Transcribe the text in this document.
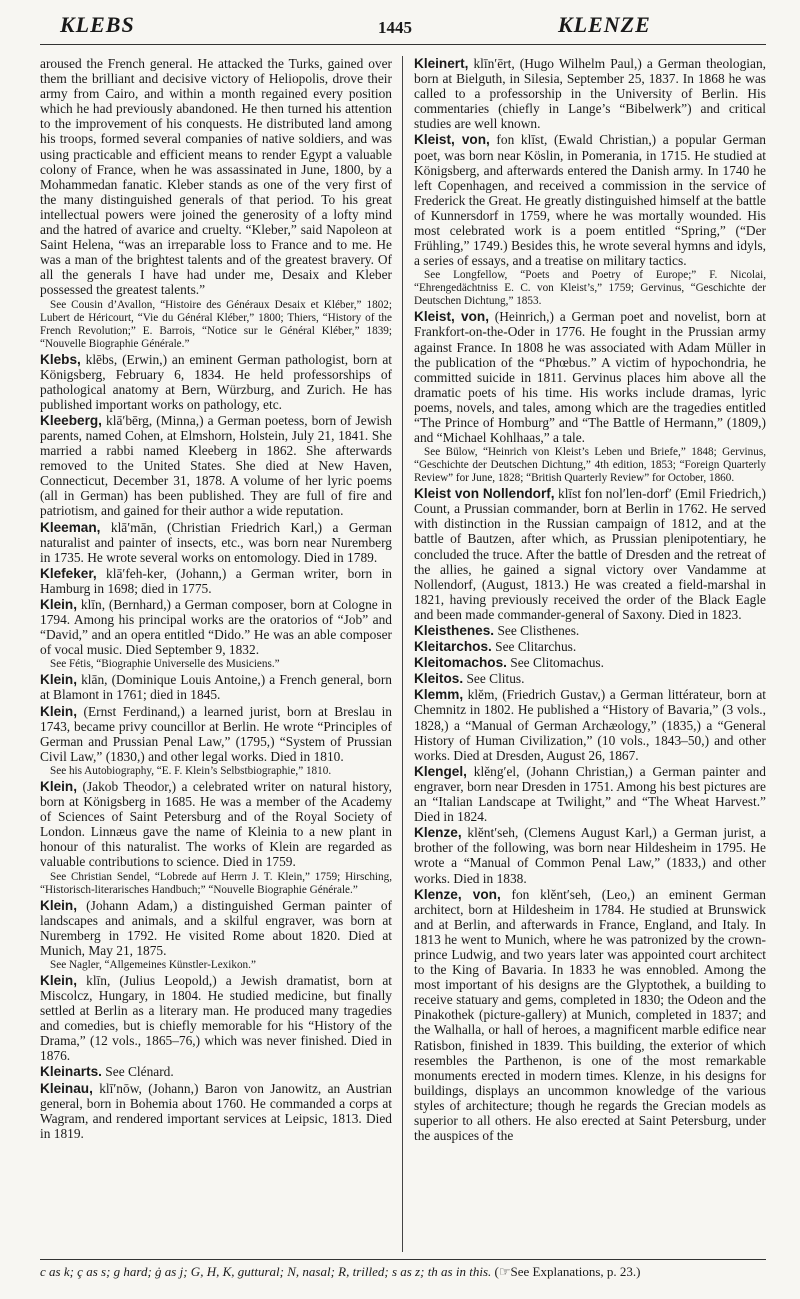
KLEBS	1445	KLENZE

aroused the French general. He attacked the Turks, gained over them the brilliant and decisive victory of Heliopolis, drove their army from Cairo, and within a month regained every position which he had previously abandoned. He then turned his attention to the improvement of his conquests. He distributed land among his troops, formed several companies of native soldiers, and was using practicable and efficient means to render Egypt a valuable colony of France, when he was assassinated in June, 1800, by a Mohammedan fanatic. Kleber stands as one of the very first of the many distinguished generals of that period. To his great intellectual powers were joined the generosity of a lofty mind and the hatred of avarice and cruelty. “Kleber,” said Napoleon at Saint Helena, “was an irreparable loss to France and to me. He was a man of the brightest talents and of the greatest bravery. Of all the generals I have had under me, Desaix and Kleber possessed the greatest talents.”

See Cousin d’Avallon, “Histoire des Généraux Desaix et Kléber,” 1802; Lubert de Héricourt, “Vie du Général Kléber,” 1800; Thiers, “History of the French Revolution;” E. Barrois, “Notice sur le Général Kléber,” 1839; “Nouvelle Biographie Générale.”

Klebs, klēbs, (Erwin,) an eminent German pathologist, born at Königsberg, February 6, 1834. He held professorships of pathological anatomy at Bern, Würzburg, and Zurich. He has published important works on pathology, etc.

Kleeberg, klā′bērg, (Minna,) a German poetess, born of Jewish parents, named Cohen, at Elmshorn, Holstein, July 21, 1841. She married a rabbi named Kleeberg in 1862. She afterwards removed to the United States. She died at New Haven, Connecticut, December 31, 1878. A volume of her lyric poems (all in German) has been published. They are full of fire and patriotism, and gained for their author a wide reputation.

Kleeman, klā′mān, (Christian Friedrich Karl,) a German naturalist and painter of insects, etc., was born near Nuremberg in 1735. He wrote several works on entomology. Died in 1789.

Klefeker, klā′feh-ker, (Johann,) a German writer, born in Hamburg in 1698; died in 1775.

Klein, klīn, (Bernhard,) a German composer, born at Cologne in 1794. Among his principal works are the oratorios of “Job” and “David,” and an opera entitled “Dido.” He was an able composer of vocal music. Died September 9, 1832.

See Fétis, “Biographie Universelle des Musiciens.”

Klein, klān, (Dominique Louis Antoine,) a French general, born at Blamont in 1761; died in 1845.

Klein, (Ernst Ferdinand,) a learned jurist, born at Breslau in 1743, became privy councillor at Berlin. He wrote “Principles of German and Prussian Penal Law,” (1795,) “System of Prussian Civil Law,” (1830,) and other legal works. Died in 1810.

See his Autobiography, “E. F. Klein’s Selbstbiographie,” 1810.

Klein, (Jakob Theodor,) a celebrated writer on natural history, born at Königsberg in 1685. He was a member of the Academy of Sciences of Saint Petersburg and of the Royal Society of London. Linnæus gave the name of Kleinia to a new plant in honour of this naturalist. The works of Klein are regarded as valuable contributions to science. Died in 1759.

See Christian Sendel, “Lobrede auf Herrn J. T. Klein,” 1759; Hirsching, “Historisch-literarisches Handbuch;” “Nouvelle Biographie Générale.”

Klein, (Johann Adam,) a distinguished German painter of landscapes and animals, and a skilful engraver, was born at Nuremberg in 1792. He visited Rome about 1820. Died at Munich, May 21, 1875.

See Nagler, “Allgemeines Künstler-Lexikon.”

Klein, klīn, (Julius Leopold,) a Jewish dramatist, born at Miscolcz, Hungary, in 1804. He studied medicine, but finally settled at Berlin as a literary man. He produced many tragedies and comedies, but is chiefly memorable for his “History of the Drama,” (12 vols., 1865–76,) which was never finished. Died in 1876.

Kleinarts. See Clénard.

Kleinau, klī′nōw, (Johann,) Baron von Janowitz, an Austrian general, born in Bohemia about 1760. He commanded a corps at Wagram, and rendered important services at Leipsic, 1813. Died in 1819.

Kleinert, klīn′ērt, (Hugo Wilhelm Paul,) a German theologian, born at Bielguth, in Silesia, September 25, 1837. In 1868 he was called to a professorship in the University of Berlin. His commentaries (chiefly in Lange’s “Bibelwerk”) and critical studies are well known.

Kleist, von, fon klīst, (Ewald Christian,) a popular German poet, was born near Köslin, in Pomerania, in 1715. He studied at Königsberg, and afterwards entered the Danish army. In 1740 he left Copenhagen, and received a commission in the service of Frederick the Great. He greatly distinguished himself at the battle of Kunnersdorf in 1759, where he was mortally wounded. His most celebrated work is a poem entitled “Spring,” (“Der Frühling,” 1749.) Besides this, he wrote several hymns and idyls, a series of essays, and a treatise on military tactics.

See Longfellow, “Poets and Poetry of Europe;” F. Nicolai, “Ehrengedächtniss E. C. von Kleist’s,” 1759; Gervinus, “Geschichte der Deutschen Dichtung,” 1853.

Kleist, von, (Heinrich,) a German poet and novelist, born at Frankfort-on-the-Oder in 1776. He fought in the Prussian army against France. In 1808 he was associated with Adam Müller in the publication of the “Phœbus.” A victim of hypochondria, he committed suicide in 1811. Gervinus places him above all the dramatic poets of his time. His works include dramas, lyric poems, novels, and tales, among which are the tragedies entitled “The Prince of Homburg” and “The Battle of Hermann,” (1809,) and “Michael Kohlhaas,” a tale.

See Bülow, “Heinrich von Kleist’s Leben und Briefe,” 1848; Gervinus, “Geschichte der Deutschen Dichtung,” 4th edition, 1853; “Foreign Quarterly Review” for June, 1828; “British Quarterly Review” for October, 1860.

Kleist von Nollendorf, klīst fon nol′len-dorf′ (Emil Friedrich,) Count, a Prussian commander, born at Berlin in 1762. He served with distinction in the Russian campaign of 1812, and at the battle of Bautzen, after which, as Prussian plenipotentiary, he concluded the truce. After the battle of Dresden and the retreat of the allies, he gained a signal victory over Vandamme at Nollendorf, (August, 1813.) He was created a field-marshal in 1821, having previously received the order of the Black Eagle and been made commander-general of Saxony. Died in 1823.

Kleisthenes. See Clisthenes.

Kleitarchos. See Clitarchus.

Kleitomachos. See Clitomachus.

Kleitos. See Clitus.

Klemm, klĕm, (Friedrich Gustav,) a German littérateur, born at Chemnitz in 1802. He published a “History of Bavaria,” (3 vols., 1828,) a “Manual of German Archæology,” (1835,) a “General History of Human Civilization,” (10 vols., 1843–50,) and other works. Died at Dresden, August 26, 1867.

Klengel, klĕng′el, (Johann Christian,) a German painter and engraver, born near Dresden in 1751. Among his best pictures are an “Italian Landscape at Twilight,” and “The Wheat Harvest.” Died in 1824.

Klenze, klĕnt′seh, (Clemens August Karl,) a German jurist, a brother of the following, was born near Hildesheim in 1795. He wrote a “Manual of Common Penal Law,” (1833,) and other works. Died in 1838.

Klenze, von, fon klĕnt′seh, (Leo,) an eminent German architect, born at Hildesheim in 1784. He studied at Brunswick and at Berlin, and afterwards in France, England, and Italy. In 1813 he went to Munich, where he was patronized by the crown-prince Ludwig, and two years later was appointed court architect to the King of Bavaria. In 1833 he was ennobled. Among the most important of his designs are the Glyptothek, a building to receive statuary and gems, completed in 1830; the Odeon and the Pinakothek (picture-gallery) at Munich, completed in 1837; and the Walhalla, or hall of heroes, a magnificent marble edifice near Ratisbon, finished in 1839. This building, the exterior of which resembles the Parthenon, is one of the most remarkable monuments erected in modern times. Klenze, in his designs for buildings, displays an uncommon knowledge of the various styles of architecture; though he regards the Grecian models as superior to all others. He also erected at Saint Petersburg, under the auspices of the

c as k; ç as s; g hard; ġ as j; G, H, K, guttural; N, nasal; R, trilled; s as z; th as in this. (☞See Explanations, p. 23.)
